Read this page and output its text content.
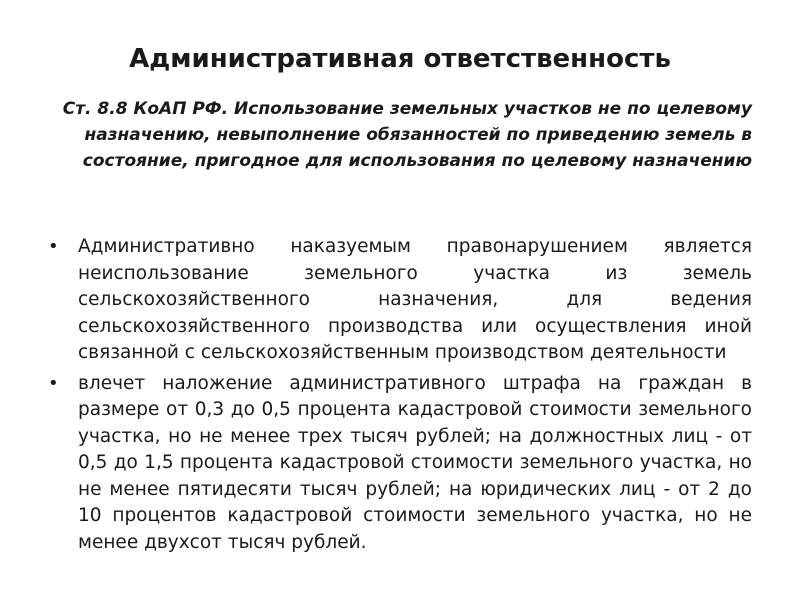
Административная ответственность
Ст. 8.8 КоАП РФ. Использование земельных участков не по целевому назначению, невыполнение обязанностей по приведению земель в состояние, пригодное для использования по целевому назначению
•	Административно наказуемым правонарушением является неиспользование земельного участка из земель сельскохозяйственного назначения, для ведения сельскохозяйственного производства или осуществления иной связанной с сельскохозяйственным производством деятельности
•	влечет наложение административного штрафа на граждан в размере от 0,3 до 0,5 процента кадастровой стоимости земельного участка, но не менее трех тысяч рублей; на должностных лиц - от 0,5 до 1,5 процента кадастровой стоимости земельного участка, но не менее пятидесяти тысяч рублей; на юридических лиц - от 2 до 10 процентов кадастровой стоимости земельного участка, но не менее двухсот тысяч рублей.
